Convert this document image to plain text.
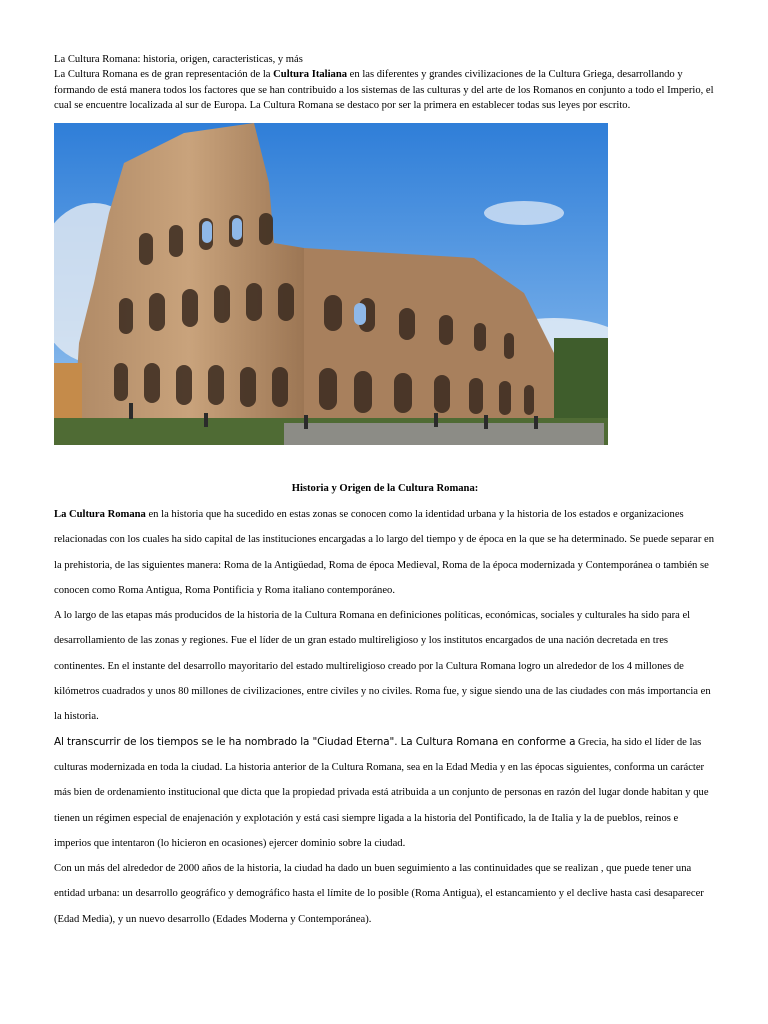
La Cultura Romana: historia, origen, caracteristicas, y más

La Cultura Romana es de gran representación de la Cultura Italiana en las diferentes y grandes civilizaciones de la Cultura Griega, desarrollando y formando de está manera todos los factores que se han contribuido a los sistemas de las culturas y del arte de los Romanos en conjunto a todo el Imperio, el cual se encuentre localizada al sur de Europa. La Cultura Romana se destaco por ser la primera en establecer todas sus leyes por escrito.

Historia y Origen de la Cultura Romana:

La Cultura Romana en la historia que ha sucedido en estas zonas se conocen como la identidad urbana y la historia de los estados e organizaciones relacionadas con los cuales ha sido capital de las instituciones encargadas a lo largo del tiempo y de época en la que se ha determinado. Se puede separar en la prehistoria, de las siguientes manera: Roma de la Antigüedad, Roma de época Medieval, Roma de la época modernizada y Contemporánea o también se conocen como Roma Antigua, Roma Pontificia y Roma italiano contemporáneo.

A lo largo de las etapas más producidos de la historia de la Cultura Romana en definiciones políticas, económicas, sociales y culturales ha sido para el desarrollamiento de las zonas y regiones. Fue el líder de un gran estado multireligioso y los institutos encargados de una nación decretada en tres continentes. En el instante del desarrollo mayoritario del estado multireligioso creado por la Cultura Romana logro un alrededor de los 4 millones de kilómetros cuadrados y unos 80 millones de civilizaciones, entre civiles y no civiles. Roma fue, y sigue siendo una de las ciudades con más importancia en la historia.

Al transcurrir de los tiempos se le ha nombrado la "Ciudad Eterna". La Cultura Romana en conforme a Grecia, ha sido el líder de las culturas modernizada en toda la ciudad. La historia anterior de la Cultura Romana, sea en la Edad Media y en las épocas siguientes, conforma un carácter más bien de ordenamiento institucional que dicta que la propiedad privada está atribuida a un conjunto de personas en razón del lugar donde habitan y que tienen un régimen especial de enajenación y explotación y está casi siempre ligada a la historia del Pontificado, la de Italia y la de pueblos, reinos e imperios que intentaron (lo hicieron en ocasiones) ejercer dominio sobre la ciudad.

Con un más del alrededor de 2000 años de la historia, la ciudad ha dado un buen seguimiento a las continuidades que se realizan , que puede tener una entidad urbana: un desarrollo geográfico y demográfico hasta el límite de lo posible (Roma Antigua), el estancamiento y el declive hasta casi desaparecer (Edad Media), y un nuevo desarrollo (Edades Moderna y Contemporánea).
